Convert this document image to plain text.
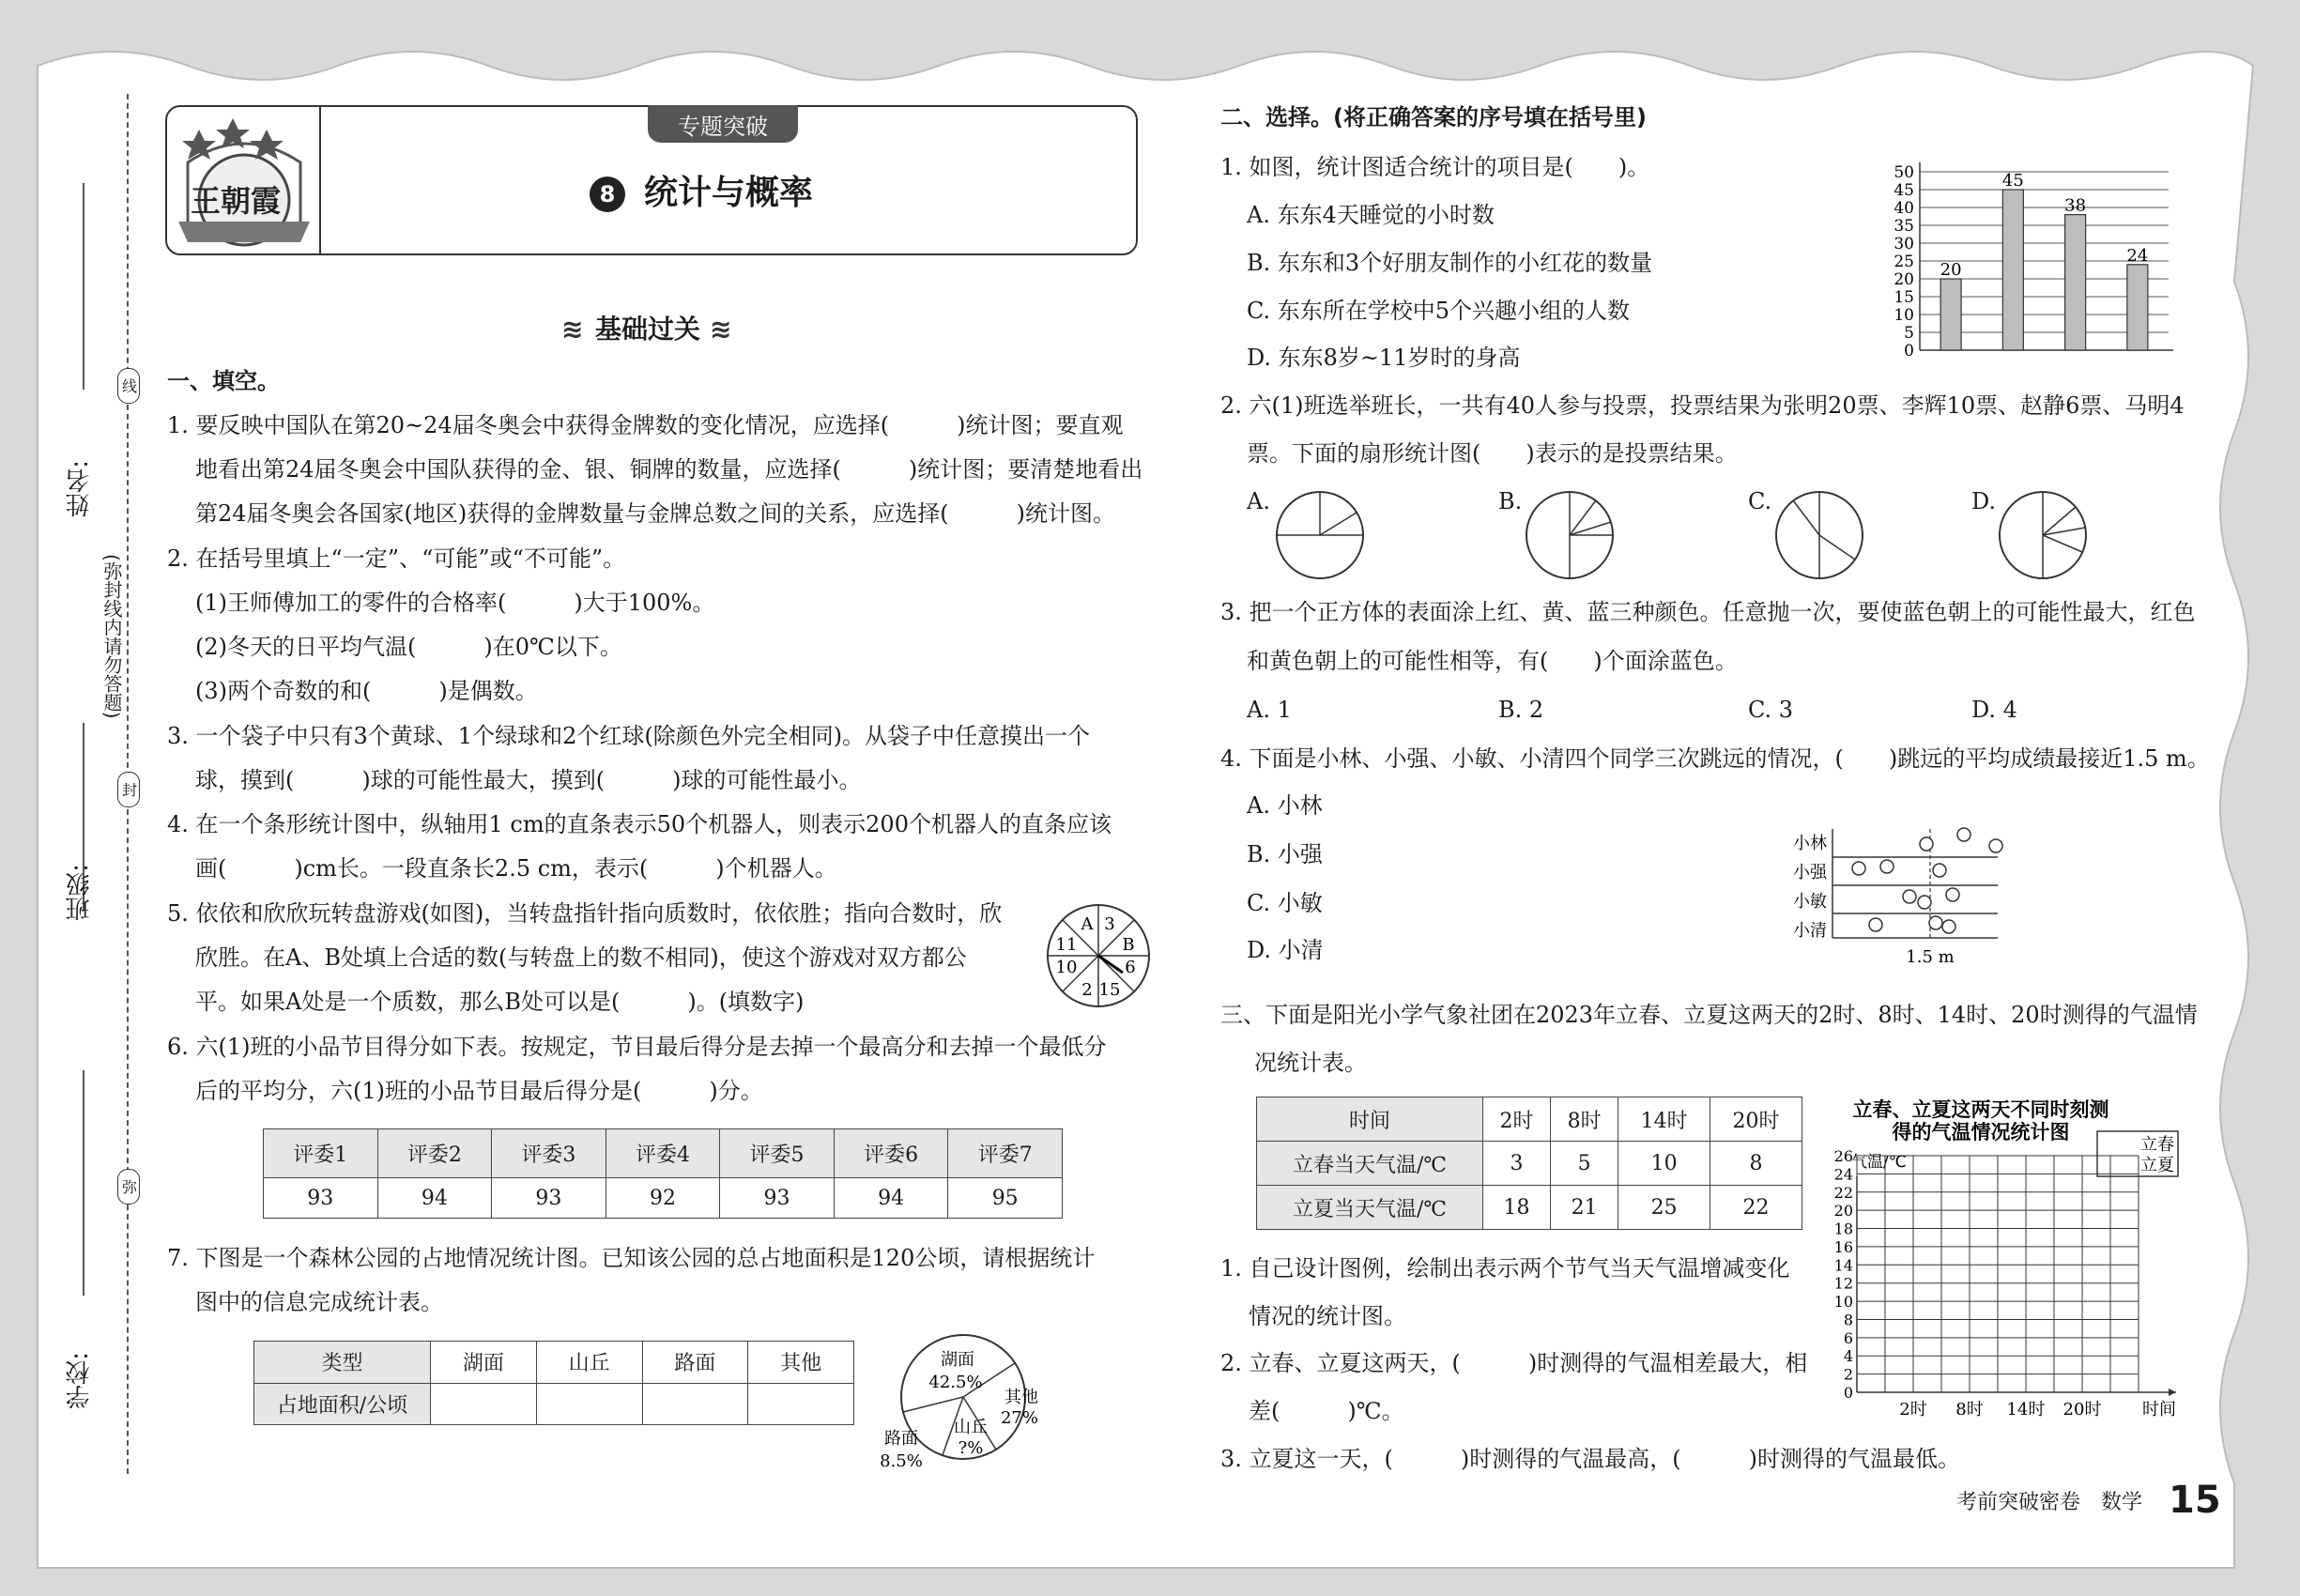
姓名:
班级:
学校:
(弥封线内请勿答题)
线
封
弥
王朝霞
专题突破
8 统计与概率
≋ 基础过关 ≋
一、填空。
1. 要反映中国队在第20~24届冬奥会中获得金牌数的变化情况，应选择(　　　)统计图；要直观
地看出第24届冬奥会中国队获得的金、银、铜牌的数量，应选择(　　　)统计图；要清楚地看出
第24届冬奥会各国家(地区)获得的金牌数量与金牌总数之间的关系，应选择(　　　)统计图。
2. 在括号里填上“一定”、“可能”或“不可能”。
(1)王师傅加工的零件的合格率(　　　)大于100%。
(2)冬天的日平均气温(　　　)在0℃以下。
(3)两个奇数的和(　　　)是偶数。
3. 一个袋子中只有3个黄球、1个绿球和2个红球(除颜色外完全相同)。从袋子中任意摸出一个
球，摸到(　　　)球的可能性最大，摸到(　　　)球的可能性最小。
4. 在一个条形统计图中，纵轴用1 cm的直条表示50个机器人，则表示200个机器人的直条应该
画(　　　)cm长。一段直条长2.5 cm，表示(　　　)个机器人。
5. 依依和欣欣玩转盘游戏(如图)，当转盘指针指向质数时，依依胜；指向合数时，欣
欣胜。在A、B处填上合适的数(与转盘上的数不相同)，使这个游戏对双方都公
平。如果A处是一个质数，那么B处可以是(　　　)。(填数字)
A 3
B
6
15
2
10
11
6. 六(1)班的小品节目得分如下表。按规定，节目最后得分是去掉一个最高分和去掉一个最低分
后的平均分，六(1)班的小品节目最后得分是(　　　)分。
评委1	评委2	评委3	评委4	评委5	评委6	评委7
93	94	93	92	93	94	95
7. 下图是一个森林公园的占地情况统计图。已知该公园的总占地面积是120公顷，请根据统计
图中的信息完成统计表。
类型	湖面	山丘	路面	其他
占地面积/公顷				
湖面
42.5%
其他
27%
山丘
?%
路面
8.5%
二、选择。(将正确答案的序号填在括号里)
1. 如图，统计图适合统计的项目是(　　)。
A. 东东4天睡觉的小时数
B. 东东和3个好朋友制作的小红花的数量
C. 东东所在学校中5个兴趣小组的人数
D. 东东8岁~11岁时的身高	0
5
10
15
20
25
30
35
40
45
50
20
45
38
24
2. 六(1)班选举班长，一共有40人参与投票，投票结果为张明20票、李辉10票、赵静6票、马明4
票。下面的扇形统计图(　　)表示的是投票结果。
A.	B.	C.	D.
3. 把一个正方体的表面涂上红、黄、蓝三种颜色。任意抛一次，要使蓝色朝上的可能性最大，红色
和黄色朝上的可能性相等，有(　　)个面涂蓝色。
A. 1	B. 2	C. 3	D. 4
4. 下面是小林、小强、小敏、小清四个同学三次跳远的情况，(　　)跳远的平均成绩最接近1.5 m。
A. 小林
B. 小强
C. 小敏
D. 小清
小林
小强
小敏
小清
1.5 m
三、下面是阳光小学气象社团在2023年立春、立夏这两天的2时、8时、14时、20时测得的气温情
况统计表。
时间	2时	8时	14时	20时
立春当天气温/℃	3	5	10	8
立夏当天气温/℃	18	21	25	22
1. 自己设计图例，绘制出表示两个节气当天气温增减变化
情况的统计图。
2. 立春、立夏这两天，(　　　)时测得的气温相差最大，相
差(　　　)℃。
3. 立夏这一天，(　　　)时测得的气温最高，(　　　)时测得的气温最低。
立春、立夏这两天不同时刻测
得的气温情况统计图
立春
立夏
气温/℃
0
2
4
6
8
10
12
14
16
18
20
22
24
26
2时 8时 14时 20时 时间
考前突破密卷　数学 15
